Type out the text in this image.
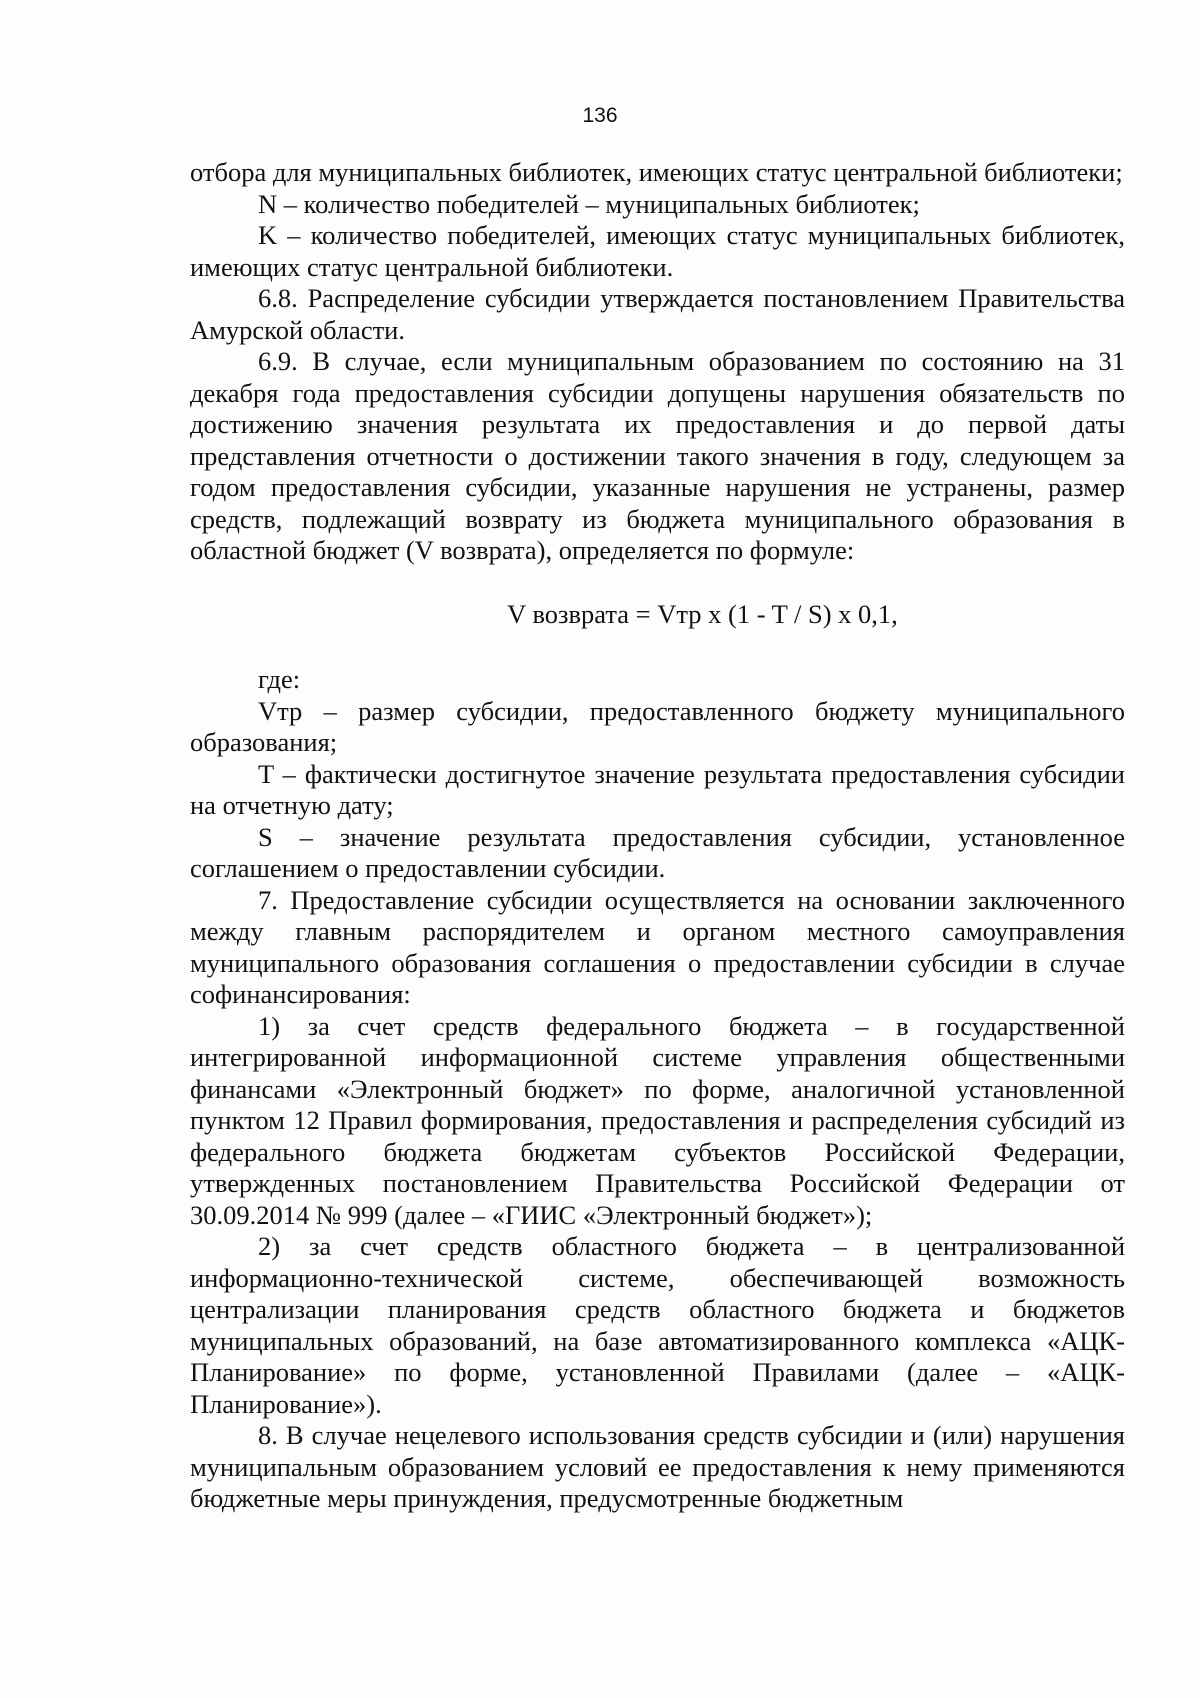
136

отбора для муниципальных библиотек, имеющих статус центральной библиотеки;

N – количество победителей – муниципальных библиотек;

K – количество победителей, имеющих статус муниципальных библиотек, имеющих статус центральной библиотеки.

6.8. Распределение субсидии утверждается постановлением Правительства Амурской области.

6.9. В случае, если муниципальным образованием по состоянию на 31 декабря года предоставления субсидии допущены нарушения обязательств по достижению значения результата их предоставления и до первой даты представления отчетности о достижении такого значения в году, следующем за годом предоставления субсидии, указанные нарушения не устранены, размер средств, подлежащий возврату из бюджета муниципального образования в областной бюджет (V возврата), определяется по формуле:

V возврата = Vтр x (1 - T / S) x 0,1,

где:

Vтр – размер субсидии, предоставленного бюджету муниципального образования;

T – фактически достигнутое значение результата предоставления субсидии на отчетную дату;

S – значение результата предоставления субсидии, установленное соглашением о предоставлении субсидии.

7. Предоставление субсидии осуществляется на основании заключенного между главным распорядителем и органом местного самоуправления муниципального образования соглашения о предоставлении субсидии в случае софинансирования:

1) за счет средств федерального бюджета – в государственной интегрированной информационной системе управления общественными финансами «Электронный бюджет» по форме, аналогичной установленной пунктом 12 Правил формирования, предоставления и распределения субсидий из федерального бюджета бюджетам субъектов Российской Федерации, утвержденных постановлением Правительства Российской Федерации от 30.09.2014 № 999 (далее – «ГИИС «Электронный бюджет»);

2) за счет средств областного бюджета – в централизованной информационно-технической системе, обеспечивающей возможность централизации планирования средств областного бюджета и бюджетов муниципальных образований, на базе автоматизированного комплекса «АЦК-Планирование» по форме, установленной Правилами (далее – «АЦК-Планирование»).

8. В случае нецелевого использования средств субсидии и (или) нарушения муниципальным образованием условий ее предоставления к нему применяются бюджетные меры принуждения, предусмотренные бюджетным
